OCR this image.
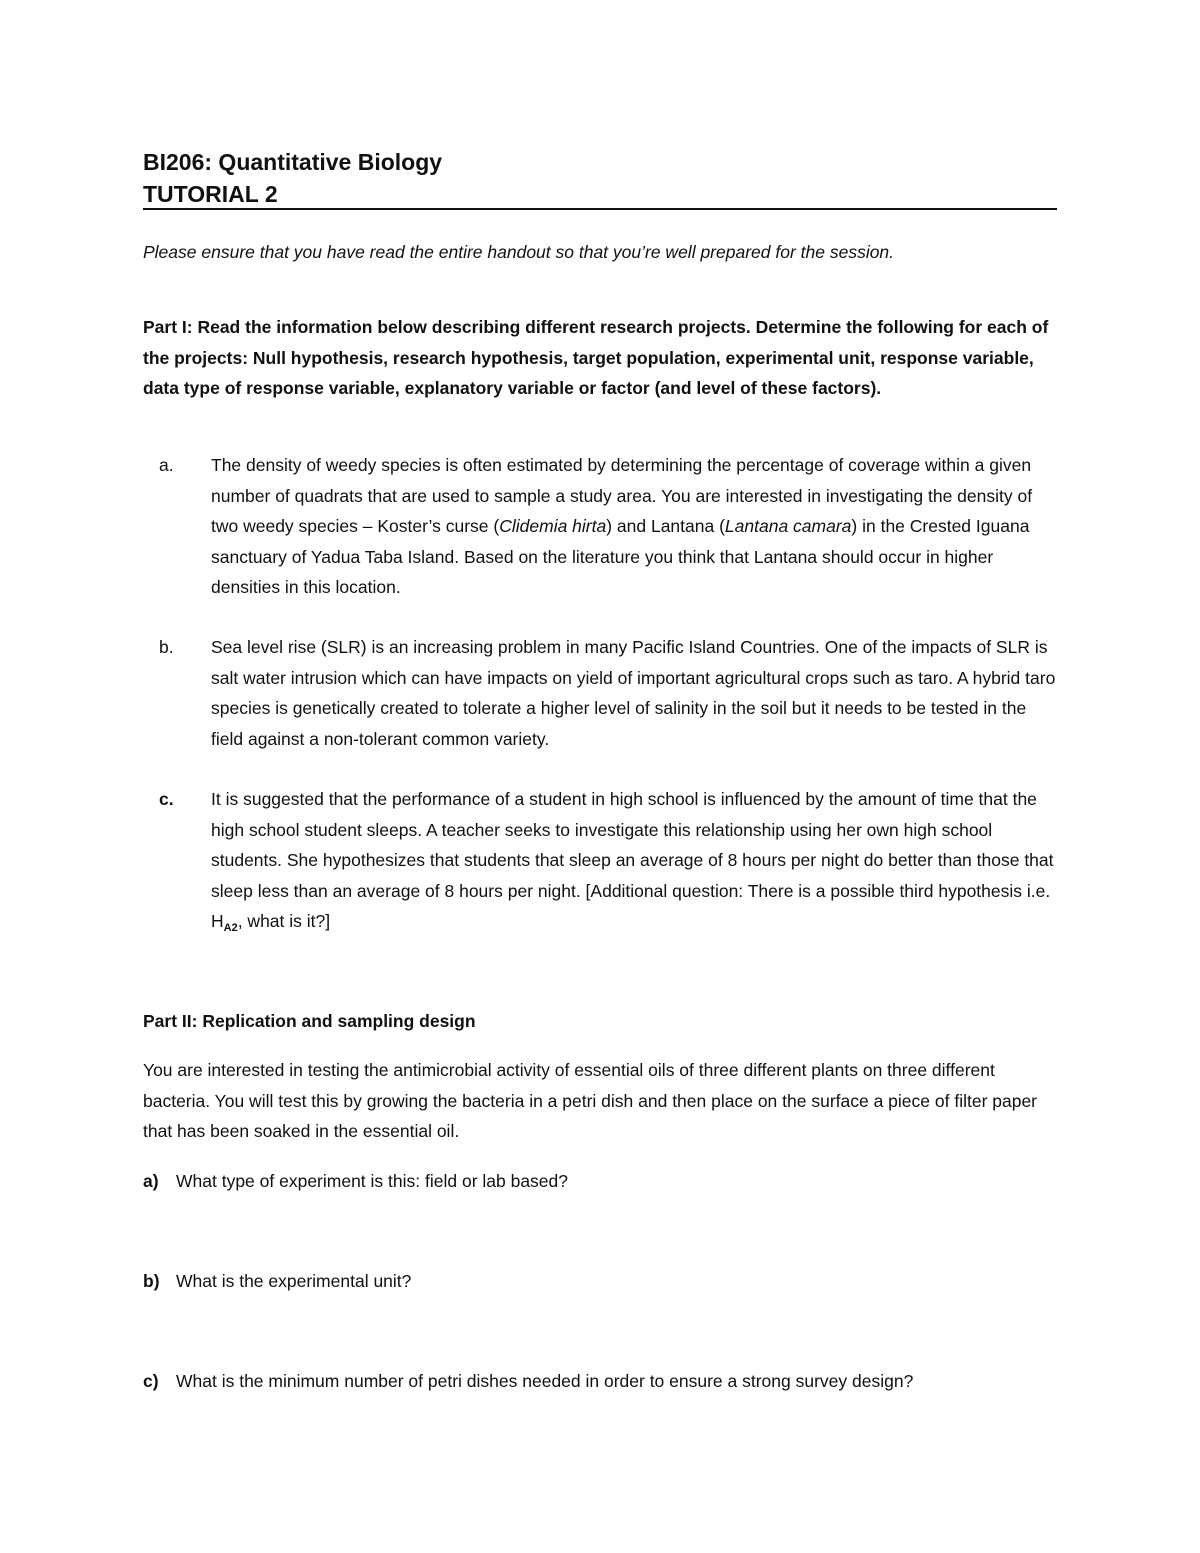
BI206: Quantitative Biology

TUTORIAL 2

Please ensure that you have read the entire handout so that you’re well prepared for the session.

Part I: Read the information below describing different research projects. Determine the following for each of the projects: Null hypothesis, research hypothesis, target population, experimental unit, response variable, data type of response variable, explanatory variable or factor (and level of these factors).

a. The density of weedy species is often estimated by determining the percentage of coverage within a given number of quadrats that are used to sample a study area. You are interested in investigating the density of two weedy species – Koster’s curse (Clidemia hirta) and Lantana (Lantana camara) in the Crested Iguana sanctuary of Yadua Taba Island. Based on the literature you think that Lantana should occur in higher densities in this location.
b. Sea level rise (SLR) is an increasing problem in many Pacific Island Countries. One of the impacts of SLR is salt water intrusion which can have impacts on yield of important agricultural crops such as taro. A hybrid taro species is genetically created to tolerate a higher level of salinity in the soil but it needs to be tested in the field against a non-tolerant common variety.
c. It is suggested that the performance of a student in high school is influenced by the amount of time that the high school student sleeps. A teacher seeks to investigate this relationship using her own high school students. She hypothesizes that students that sleep an average of 8 hours per night do better than those that sleep less than an average of 8 hours per night. [Additional question: There is a possible third hypothesis i.e. $H_{A2}$, what is it?]

Part II: Replication and sampling design

You are interested in testing the antimicrobial activity of essential oils of three different plants on three different bacteria. You will test this by growing the bacteria in a petri dish and then place on the surface a piece of filter paper that has been soaked in the essential oil.

a) What type of experiment is this: field or lab based?
b) What is the experimental unit?
c) What is the minimum number of petri dishes needed in order to ensure a strong survey design?
